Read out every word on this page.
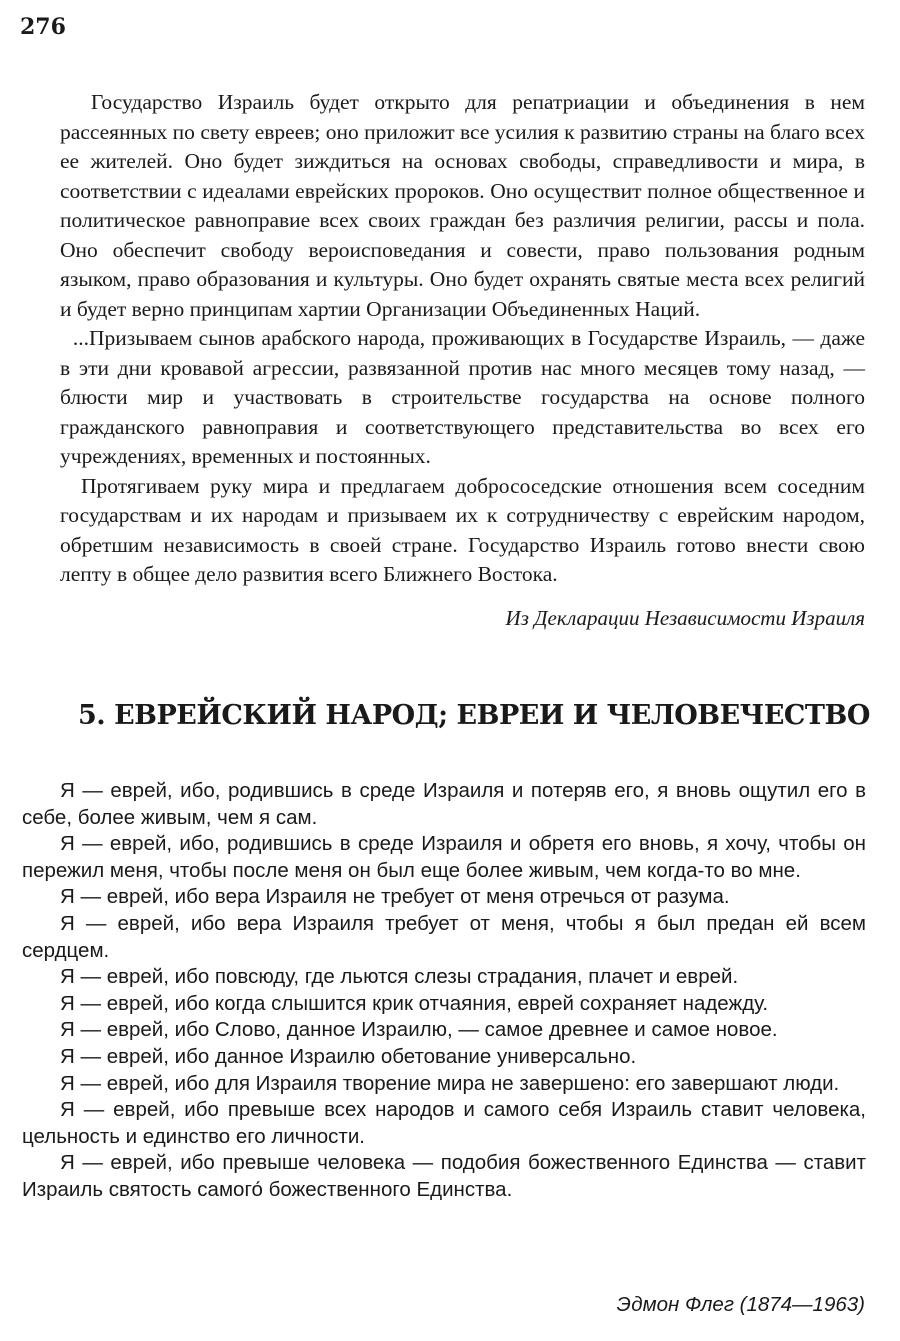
276

Государство Израиль будет открыто для репатриации и объединения в нем рассеянных по свету евреев; оно приложит все усилия к развитию страны на благо всех ее жителей. Оно будет зиждиться на основах свободы, справедливости и мира, в соответствии с идеалами еврейских пророков. Оно осуществит полное общественное и политическое равноправие всех своих граждан без различия религии, рассы и пола. Оно обеспечит свободу вероисповедания и совести, право пользования родным языком, право образования и культуры. Оно будет охранять святые места всех религий и будет верно принципам хартии Организации Объединенных Наций.

...Призываем сынов арабского народа, проживающих в Государстве Израиль, — даже в эти дни кровавой агрессии, развязанной против нас много месяцев тому назад, — блюсти мир и участвовать в строительстве государства на основе полного гражданского равноправия и соответствующего представительства во всех его учреждениях, временных и постоянных.

Протягиваем руку мира и предлагаем добрососедские отношения всем соседним государствам и их народам и призываем их к сотрудничеству с еврейским народом, обретшим независимость в своей стране. Государство Израиль готово внести свою лепту в общее дело развития всего Ближнего Востока.

Из Декларации Независимости Израиля
5. ЕВРЕЙСКИЙ НАРОД; ЕВРЕИ И ЧЕЛОВЕЧЕСТВО

Я — еврей, ибо, родившись в среде Израиля и потеряв его, я вновь ощутил его в себе, более живым, чем я сам.

Я — еврей, ибо, родившись в среде Израиля и обретя его вновь, я хочу, чтобы он пережил меня, чтобы после меня он был еще более живым, чем когда-то во мне.

Я — еврей, ибо вера Израиля не требует от меня отречься от разума.

Я — еврей, ибо вера Израиля требует от меня, чтобы я был предан ей всем сердцем.

Я — еврей, ибо повсюду, где льются слезы страдания, плачет и еврей.

Я — еврей, ибо когда слышится крик отчаяния, еврей сохраняет надежду.

Я — еврей, ибо Слово, данное Израилю, — самое древнее и самое новое.

Я — еврей, ибо данное Израилю обетование универсально.

Я — еврей, ибо для Израиля творение мира не завершено: его завершают люди.

Я — еврей, ибо превыше всех народов и самого себя Израиль ставит человека, цельность и единство его личности.

Я — еврей, ибо превыше человека — подобия божественного Единства — ставит Израиль святость самого́ божественного Единства.

Эдмон Флег (1874—1963)
